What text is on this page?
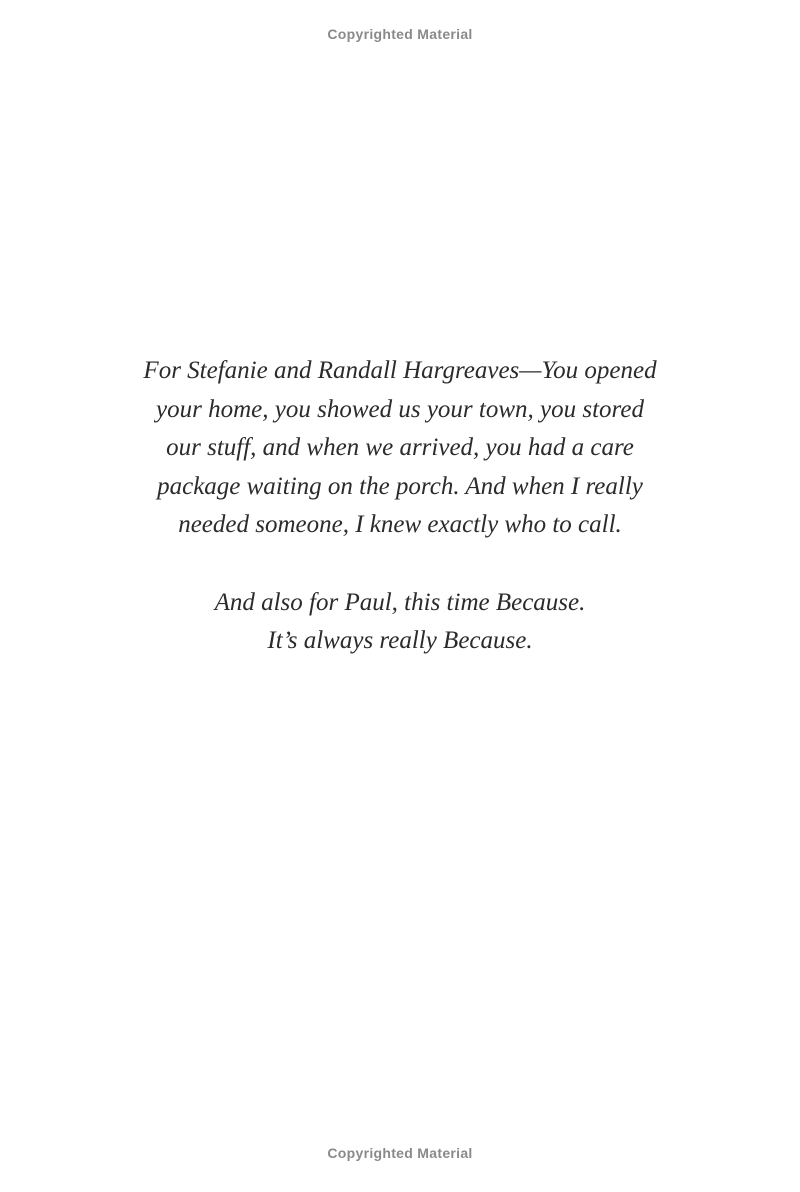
Copyrighted Material
For Stefanie and Randall Hargreaves—You opened
your home, you showed us your town, you stored
our stuff, and when we arrived, you had a care
package waiting on the porch. And when I really
needed someone, I knew exactly who to call.
And also for Paul, this time Because.
It’s always really Because.
Copyrighted Material
